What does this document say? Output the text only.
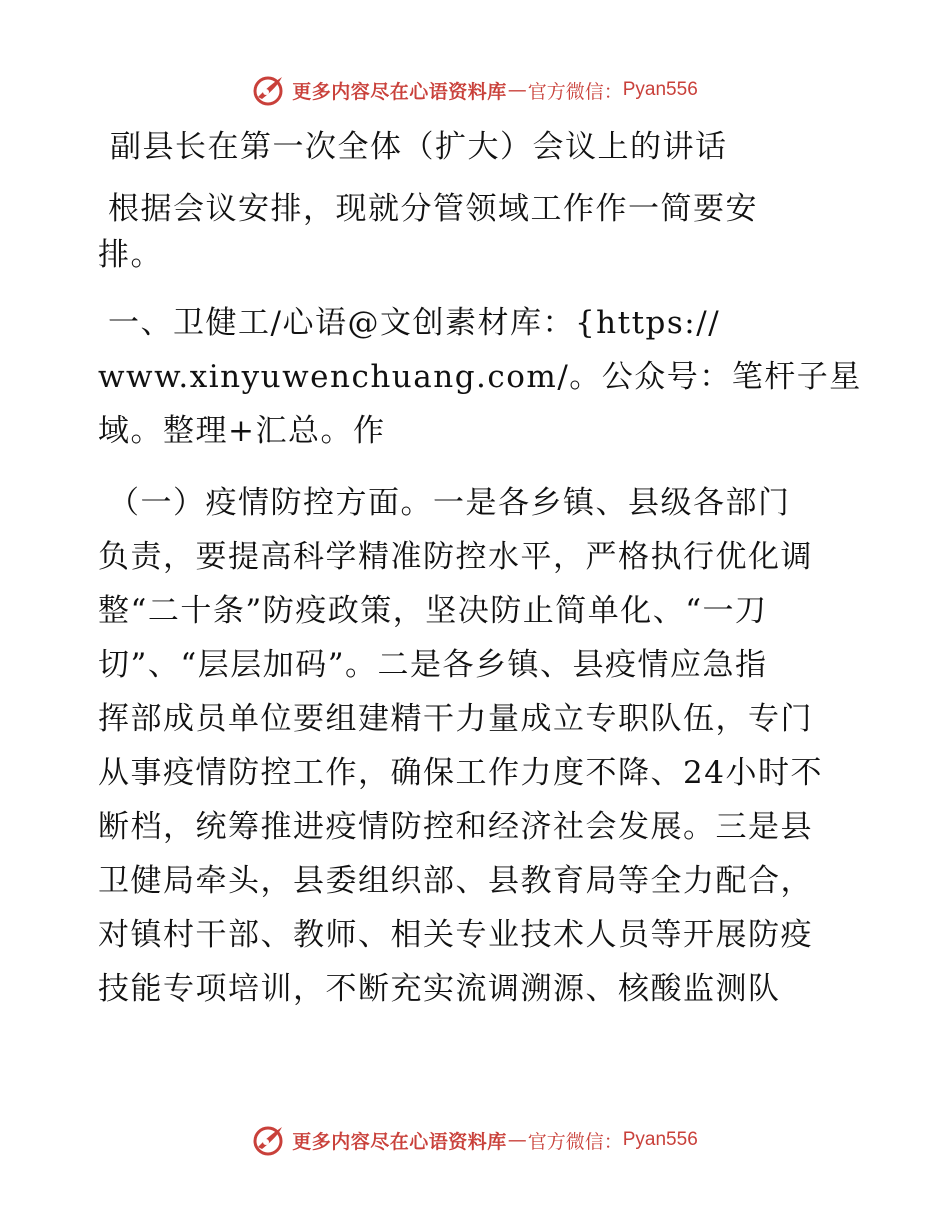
更多内容尽在心语资料库 — 官方微信： Pyan556
副县长在第一次全体（扩大）会议上的讲话
根据会议安排，现就分管领域工作作一简要安
排。
一、卫健工/心语@文创素材库：{https://
www.xinyuwenchuang.com/。公众号：笔杆子星
域。整理+汇总。作
（一）疫情防控方面。一是各乡镇、县级各部门
负责，要提高科学精准防控水平，严格执行优化调
整“二十条”防疫政策，坚决防止简单化、“一刀
切”、“层层加码”。二是各乡镇、县疫情应急指
挥部成员单位要组建精干力量成立专职队伍，专门
从事疫情防控工作，确保工作力度不降、24小时不
断档，统筹推进疫情防控和经济社会发展。三是县
卫健局牵头，县委组织部、县教育局等全力配合，
对镇村干部、教师、相关专业技术人员等开展防疫
技能专项培训，不断充实流调溯源、核酸监测队
更多内容尽在心语资料库 — 官方微信： Pyan556
